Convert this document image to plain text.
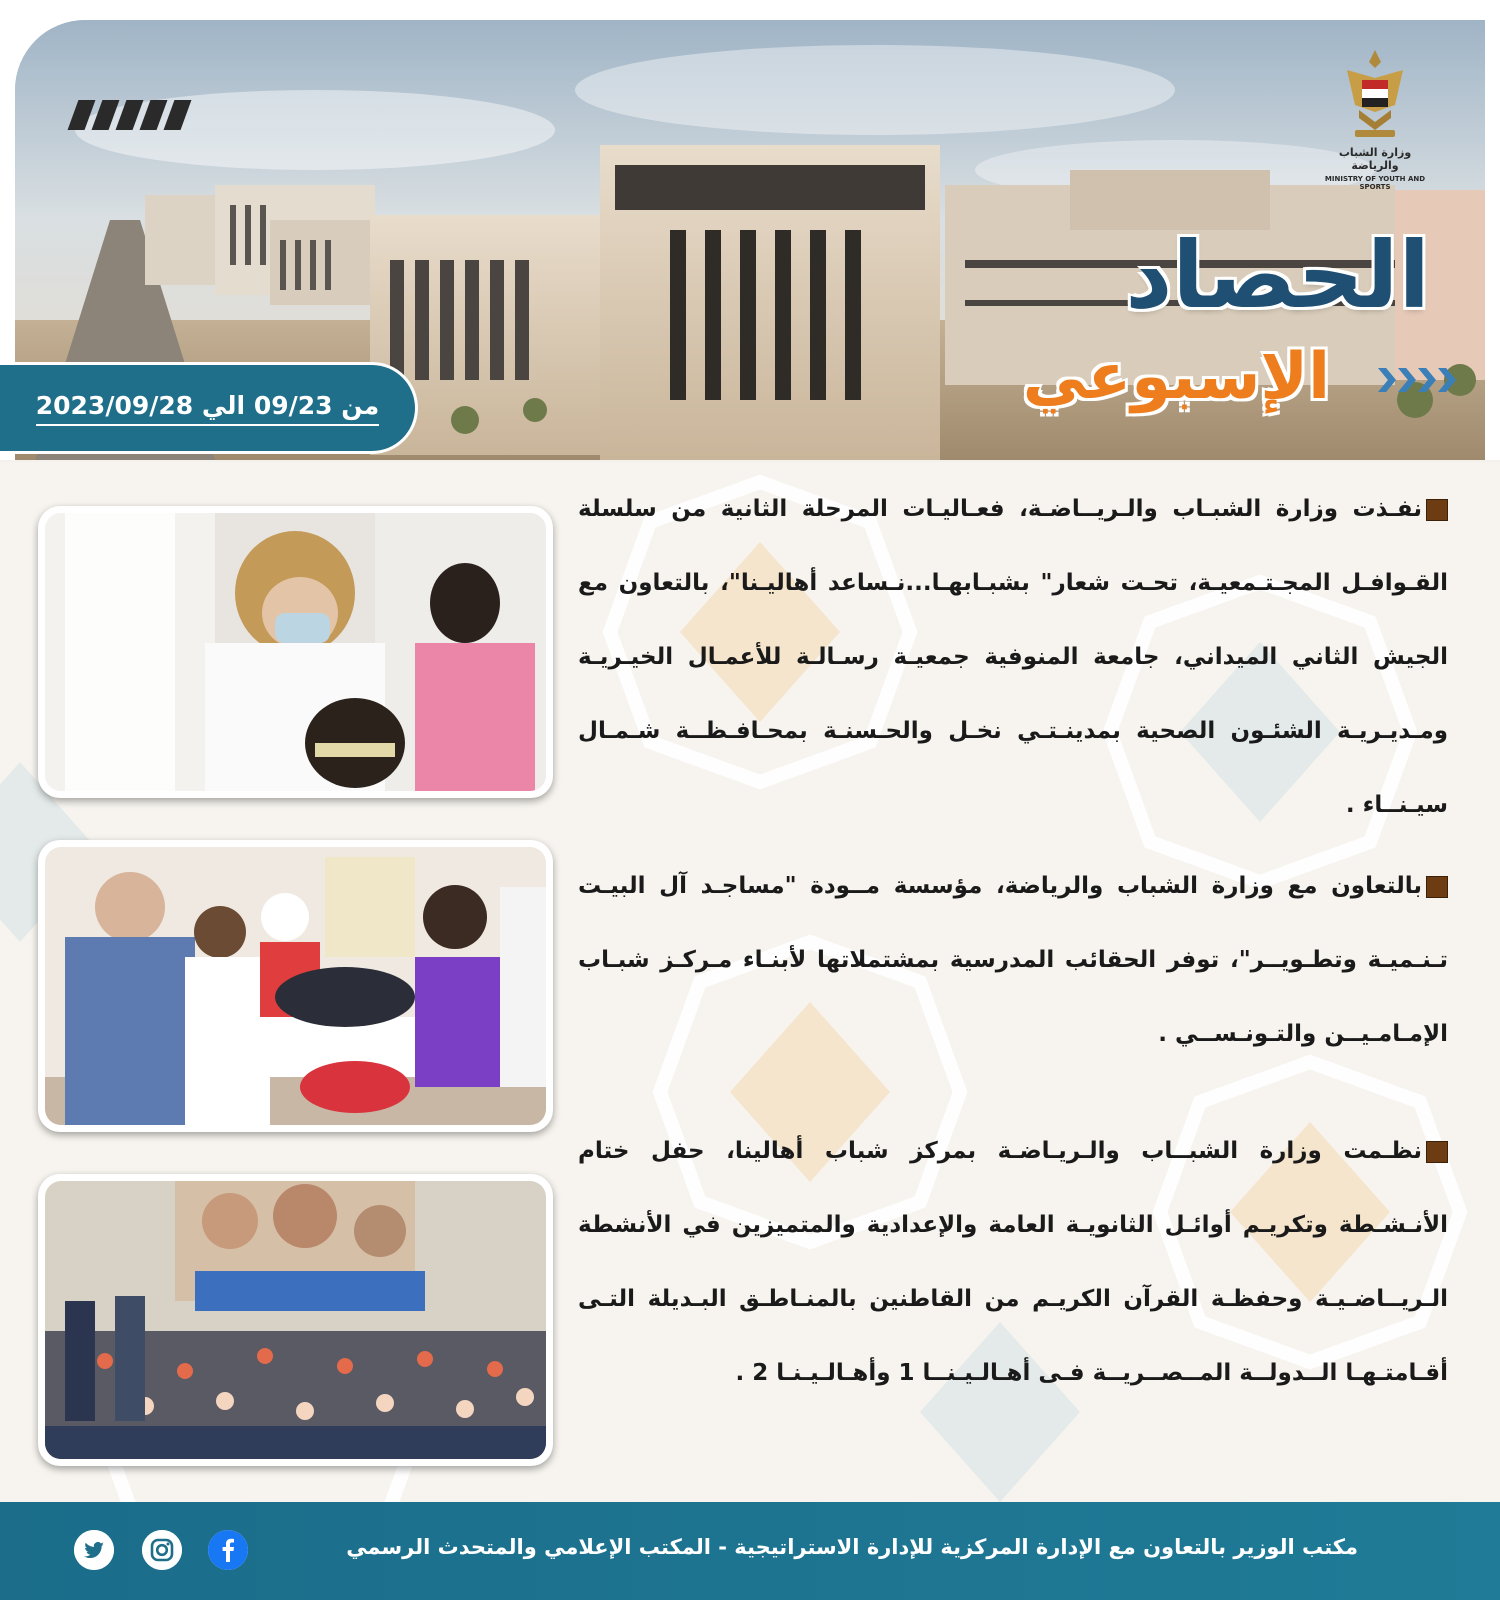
وزارة الشباب والرياضة
MINISTRY OF YOUTH AND SPORTS
الحصاد
الإسبوعي
من 09/23 الي 2023/09/28
نفـذت وزارة الشبـاب والـريــاضـة، فعـاليـات المرحلة الثانية من سلسلة القـوافـل المجـتـمعيـة، تحـت شعار" بشبـابهـا...نـساعد أهاليـنا"، بالتعاون مع الجيش الثاني الميداني، جامعة المنوفية جمعيـة رسـالـة للأعمـال الخيـريـة ومـديـريـة الشئـون الصحية بمدينـتـي نخـل والحـسنـة بمحـافـظــة شـمـال سيـنــاء .
بالتعاون مع وزارة الشباب والرياضة، مؤسسة مــودة "مساجـد آل البيـت تـنـميـة وتطـويــر"، توفر الحقائب المدرسية بمشتملاتها لأبنـاء مـركـز شبـاب الإمـامـيــن والتـونـســي .
نظـمت وزارة الشبــاب والـريـاضـة بمركز شباب أهالينا، حفل ختام الأنـشـطة وتكريـم أوائـل الثانويـة العامة والإعدادية والمتميزين في الأنشطة الـريــاضـيـة وحفظـة القرآن الكريـم من القاطنين بالمنـاطـق البـديلة التـى أقـامتـهـا الــدولــة المــصــريــة فـى أهـالـيـنــا 1 وأهـالـيـنـا 2 .
مكتب الوزير بالتعاون مع الإدارة المركزية للإدارة الاستراتيجية - المكتب الإعلامي والمتحدث الرسمي
